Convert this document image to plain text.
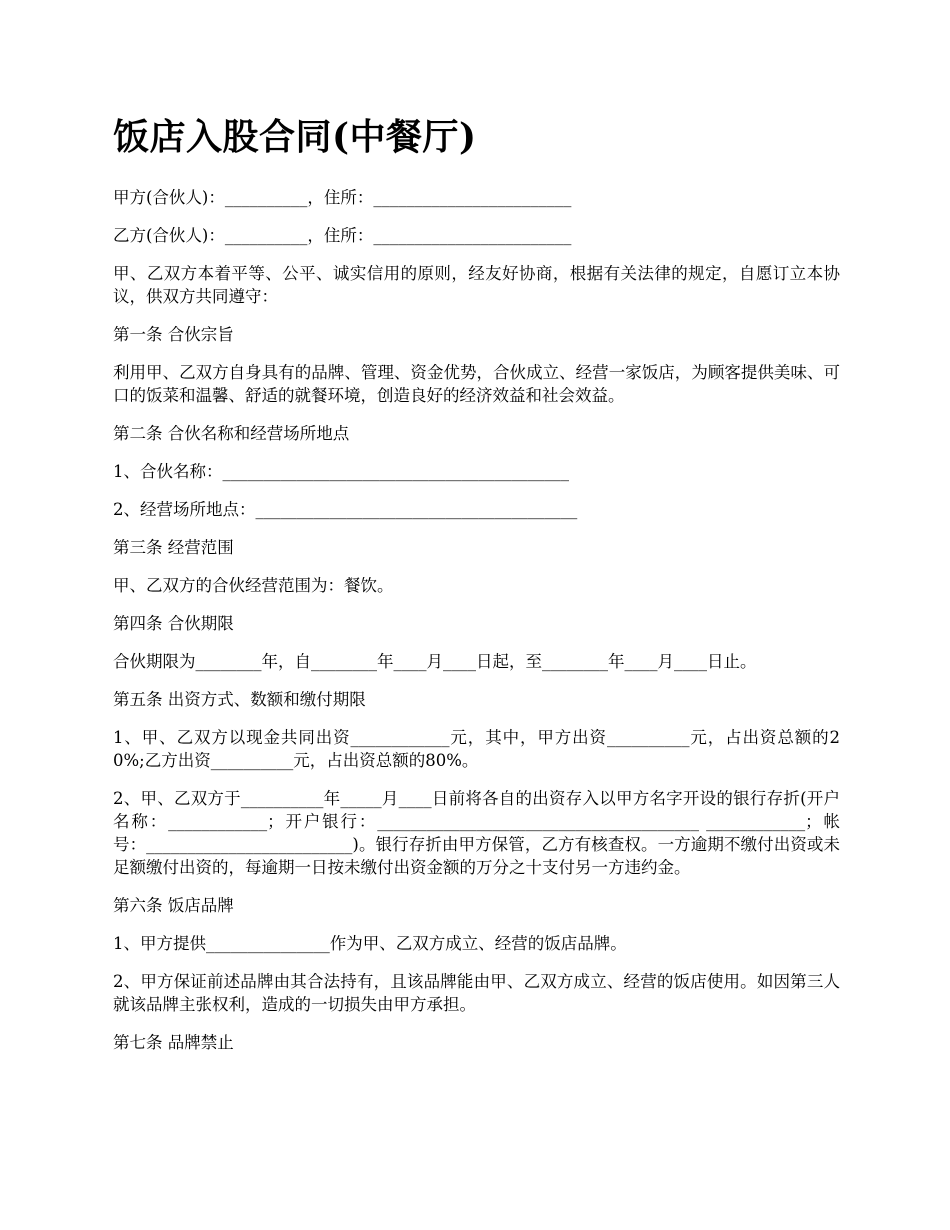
饭店入股合同(中餐厅)

甲方(合伙人)：__________，住所：________________________

乙方(合伙人)：__________，住所：________________________

甲、乙双方本着平等、公平、诚实信用的原则，经友好协商，根据有关法律的规定，自愿订立本协议，供双方共同遵守：

第一条 合伙宗旨

利用甲、乙双方自身具有的品牌、管理、资金优势，合伙成立、经营一家饭店，为顾客提供美味、可口的饭菜和温馨、舒适的就餐环境，创造良好的经济效益和社会效益。

第二条 合伙名称和经营场所地点

1、合伙名称：__________________________________________

2、经营场所地点：_______________________________________

第三条 经营范围

甲、乙双方的合伙经营范围为：餐饮。

第四条 合伙期限

合伙期限为________年，自________年____月____日起，至________年____月____日止。

第五条 出资方式、数额和缴付期限

1、甲、乙双方以现金共同出资____________元，其中，甲方出资__________元，占出资总额的20%;乙方出资__________元，占出资总额的80%。

2、甲、乙双方于__________年_____月____日前将各自的出资存入以甲方名字开设的银行存折(开户名称：____________；开户银行：_______________________________________ ____________；帐号：_________________________)。银行存折由甲方保管，乙方有核查权。一方逾期不缴付出资或未足额缴付出资的，每逾期一日按未缴付出资金额的万分之十支付另一方违约金。

第六条 饭店品牌

1、甲方提供_______________作为甲、乙双方成立、经营的饭店品牌。

2、甲方保证前述品牌由其合法持有，且该品牌能由甲、乙双方成立、经营的饭店使用。如因第三人就该品牌主张权利，造成的一切损失由甲方承担。

第七条 品牌禁止
